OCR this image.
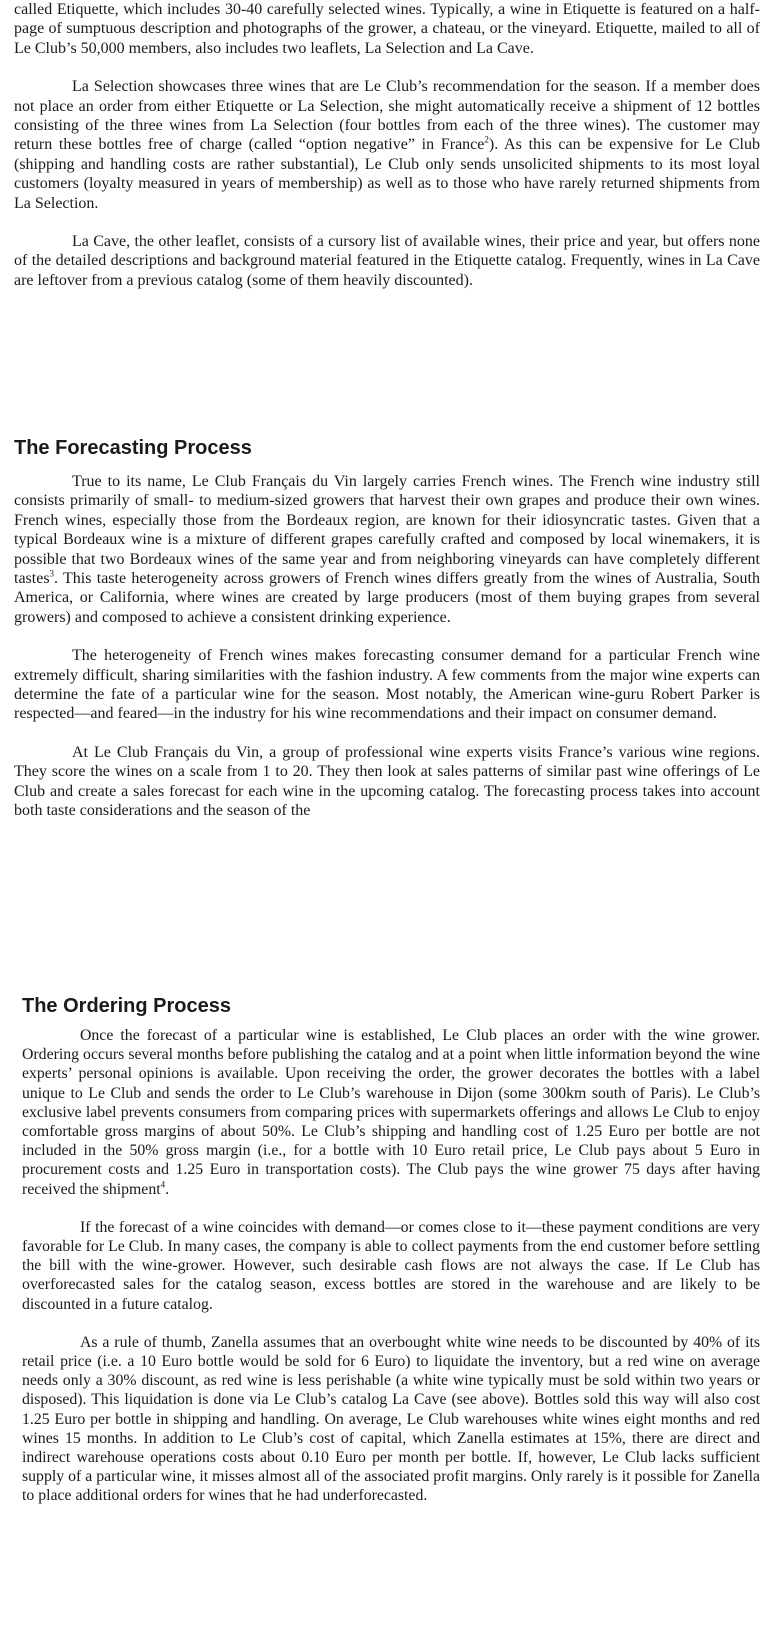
called Etiquette, which includes 30-40 carefully selected wines. Typically, a wine in Etiquette is featured on a half-page of sumptuous description and photographs of the grower, a chateau, or the vineyard. Etiquette, mailed to all of Le Club’s 50,000 members, also includes two leaflets, La Selection and La Cave.

La Selection showcases three wines that are Le Club’s recommendation for the season. If a member does not place an order from either Etiquette or La Selection, she might automatically receive a shipment of 12 bottles consisting of the three wines from La Selection (four bottles from each of the three wines). The customer may return these bottles free of charge (called “option negative” in France$^2$). As this can be expensive for Le Club (shipping and handling costs are rather substantial), Le Club only sends unsolicited shipments to its most loyal customers (loyalty measured in years of membership) as well as to those who have rarely returned shipments from La Selection.

La Cave, the other leaflet, consists of a cursory list of available wines, their price and year, but offers none of the detailed descriptions and background material featured in the Etiquette catalog. Frequently, wines in La Cave are leftover from a previous catalog (some of them heavily discounted).

The Forecasting Process

True to its name, Le Club Français du Vin largely carries French wines. The French wine industry still consists primarily of small- to medium-sized growers that harvest their own grapes and produce their own wines. French wines, especially those from the Bordeaux region, are known for their idiosyncratic tastes. Given that a typical Bordeaux wine is a mixture of different grapes carefully crafted and composed by local winemakers, it is possible that two Bordeaux wines of the same year and from neighboring vineyards can have completely different tastes$^3$. This taste heterogeneity across growers of French wines differs greatly from the wines of Australia, South America, or California, where wines are created by large producers (most of them buying grapes from several growers) and composed to achieve a consistent drinking experience.

The heterogeneity of French wines makes forecasting consumer demand for a particular French wine extremely difficult, sharing similarities with the fashion industry. A few comments from the major wine experts can determine the fate of a particular wine for the season. Most notably, the American wine-guru Robert Parker is respected—and feared—in the industry for his wine recommendations and their impact on consumer demand.

At Le Club Français du Vin, a group of professional wine experts visits France’s various wine regions. They score the wines on a scale from 1 to 20. They then look at sales patterns of similar past wine offerings of Le Club and create a sales forecast for each wine in the upcoming catalog. The forecasting process takes into account both taste considerations and the season of the

The Ordering Process

Once the forecast of a particular wine is established, Le Club places an order with the wine grower. Ordering occurs several months before publishing the catalog and at a point when little information beyond the wine experts’ personal opinions is available. Upon receiving the order, the grower decorates the bottles with a label unique to Le Club and sends the order to Le Club’s warehouse in Dijon (some 300km south of Paris). Le Club’s exclusive label prevents consumers from comparing prices with supermarkets offerings and allows Le Club to enjoy comfortable gross margins of about 50%. Le Club’s shipping and handling cost of 1.25 Euro per bottle are not included in the 50% gross margin (i.e., for a bottle with 10 Euro retail price, Le Club pays about 5 Euro in procurement costs and 1.25 Euro in transportation costs). The Club pays the wine grower 75 days after having received the shipment$^4$.

If the forecast of a wine coincides with demand—or comes close to it—these payment conditions are very favorable for Le Club. In many cases, the company is able to collect payments from the end customer before settling the bill with the wine-grower. However, such desirable cash flows are not always the case. If Le Club has overforecasted sales for the catalog season, excess bottles are stored in the warehouse and are likely to be discounted in a future catalog.

As a rule of thumb, Zanella assumes that an overbought white wine needs to be discounted by 40% of its retail price (i.e. a 10 Euro bottle would be sold for 6 Euro) to liquidate the inventory, but a red wine on average needs only a 30% discount, as red wine is less perishable (a white wine typically must be sold within two years or disposed). This liquidation is done via Le Club’s catalog La Cave (see above). Bottles sold this way will also cost 1.25 Euro per bottle in shipping and handling. On average, Le Club warehouses white wines eight months and red wines 15 months. In addition to Le Club’s cost of capital, which Zanella estimates at 15%, there are direct and indirect warehouse operations costs about 0.10 Euro per month per bottle. If, however, Le Club lacks sufficient supply of a particular wine, it misses almost all of the associated profit margins. Only rarely is it possible for Zanella to place additional orders for wines that he had underforecasted.
